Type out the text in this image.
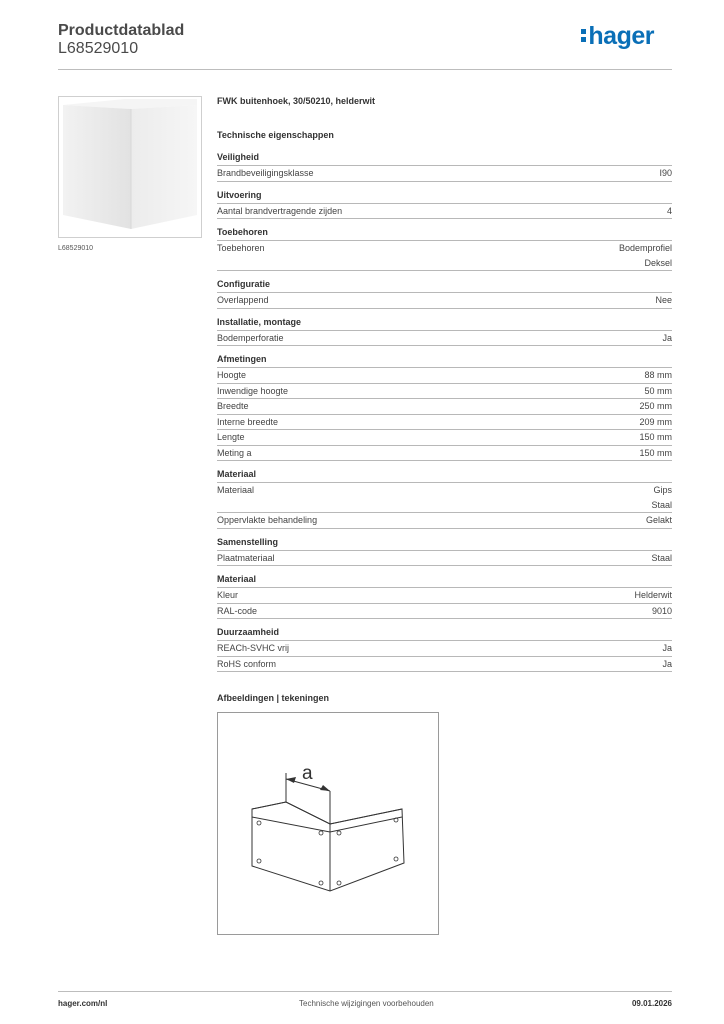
Productdatablad
L68529010	hager
L68529010
FWK buitenhoek, 30/50210, helderwit
Technische eigenschappen
Veiligheid
Brandbeveiligingsklasse	I90
Uitvoering
Aantal brandvertragende zijden	4
Toebehoren
Toebehoren	Bodemprofiel
Deksel
Configuratie
Overlappend	Nee
Installatie, montage
Bodemperforatie	Ja
Afmetingen
Hoogte	88 mm
Inwendige hoogte	50 mm
Breedte	250 mm
Interne breedte	209 mm
Lengte	150 mm
Meting a	150 mm
Materiaal
Materiaal	Gips
Staal
Oppervlakte behandeling	Gelakt
Samenstelling
Plaatmateriaal	Staal
Materiaal
Kleur	Helderwit
RAL-code	9010
Duurzaamheid
REACh-SVHC vrij	Ja
RoHS conform	Ja
Afbeeldingen | tekeningen
a
hager.com/nl	Technische wijzigingen voorbehouden	09.01.2026
